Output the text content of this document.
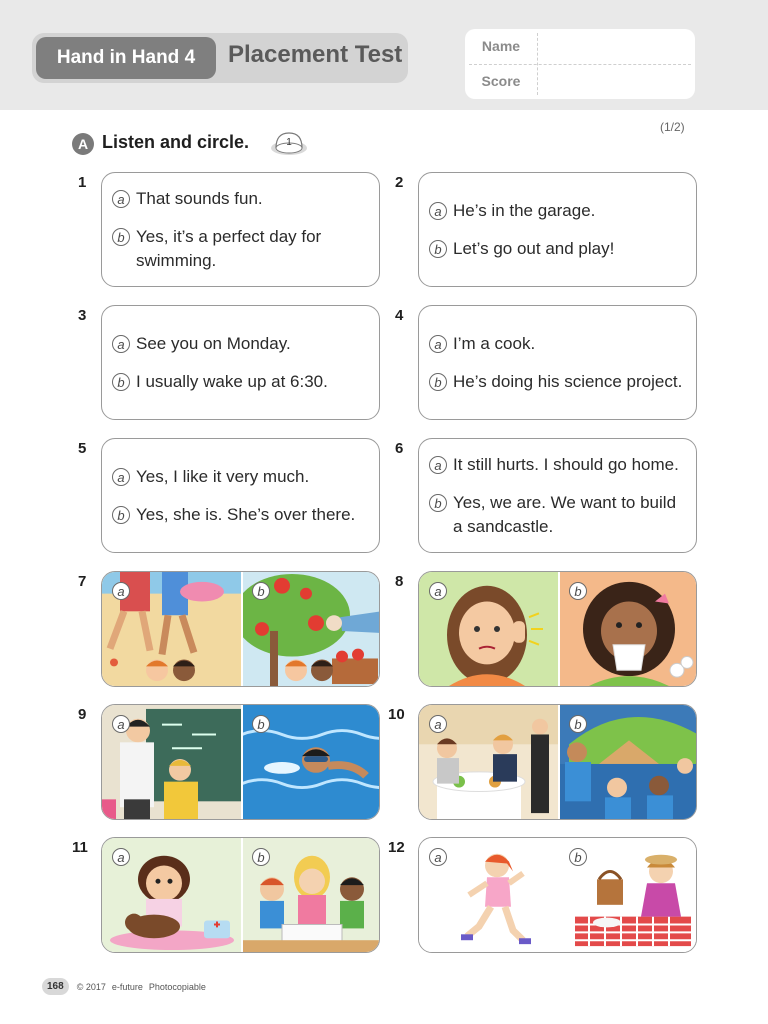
Hand in Hand 4	Placement Test	Name
Score
(1/2)
A Listen and circle.	1
1
a That sounds fun.
b Yes, it’s a perfect day for swimming.
2
a He’s in the garage.
b Let’s go out and play!
3
a See you on Monday.
b I usually wake up at 6:30.
4
a I’m a cook.
b He’s doing his science project.
5
a Yes, I like it very much.
b Yes, she is. She’s over there.
6
a It still hurts. I should go home.
b Yes, we are. We want to build a sandcastle.
7
a	b
8
a	b
9
a	b
10
a	b
11
a	b
12
a	b
168	© 2017 e-future Photocopiable
